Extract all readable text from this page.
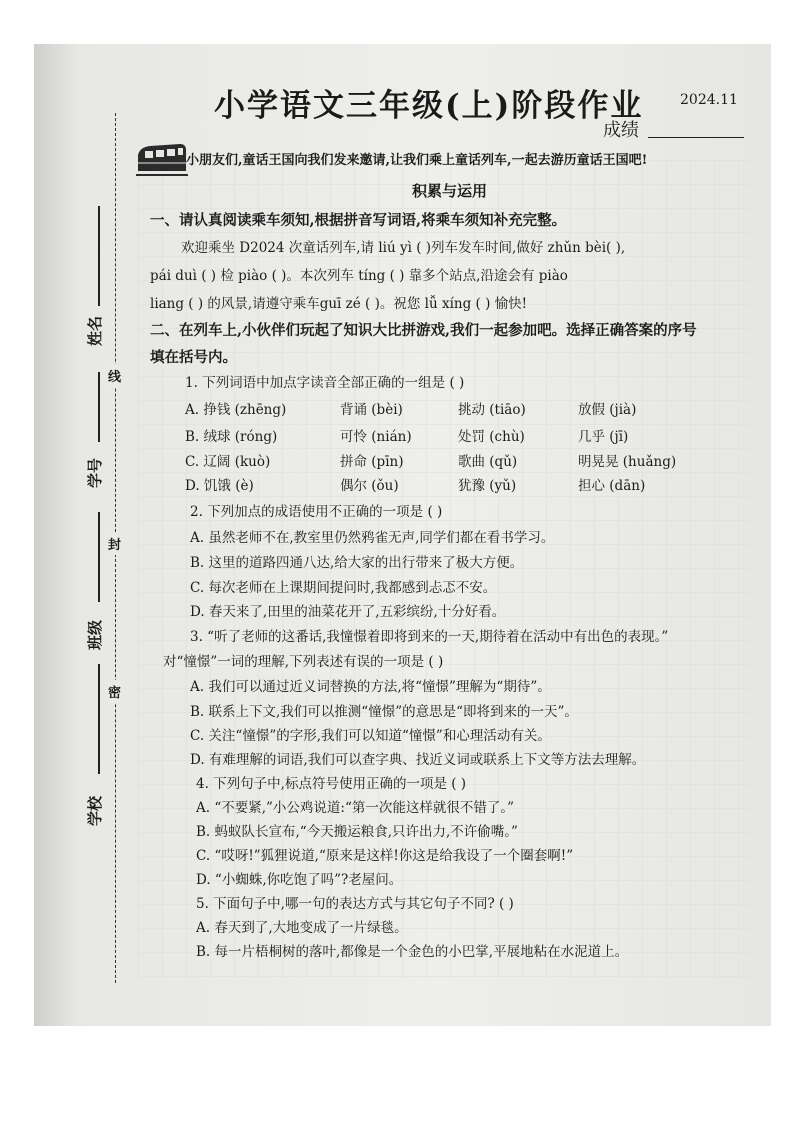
线
封
密
姓名
学号
班级
学校
小学语文三年级(上)阶段作业	2024.11
成绩
小朋友们,童话王国向我们发来邀请,让我们乘上童话列车,一起去游历童话王国吧!
积累与运用
一、请认真阅读乘车须知,根据拼音写词语,将乘车须知补充完整。
欢迎乘坐 D2024 次童话列车,请 liú yì ( )列车发车时间,做好 zhǔn bèi( ),
pái duì ( ) 检 piào ( )。本次列车 tíng ( ) 靠多个站点,沿途会有 piào
liang ( ) 的风景,请遵守乘车guī zé ( )。祝您 lǚ xíng ( ) 愉快!
二、在列车上,小伙伴们玩起了知识大比拼游戏,我们一起参加吧。选择正确答案的序号
填在括号内。
1. 下列词语中加点字读音全部正确的一组是 ( )
A. 挣钱 (zhēng)	背诵 (bèi)	挑动 (tiāo)	放假 (jià)
B. 绒球 (róng)	可怜 (nián)	处罚 (chù)	几乎 (jī)
C. 辽阔 (kuò)	拼命 (pīn)	歌曲 (qǔ)	明晃晃 (huǎng)
D. 饥饿 (è)	偶尔 (ǒu)	犹豫 (yǔ)	担心 (dān)
2. 下列加点的成语使用不正确的一项是 ( )
A. 虽然老师不在,教室里仍然鸦雀无声,同学们都在看书学习。
B. 这里的道路四通八达,给大家的出行带来了极大方便。
C. 每次老师在上课期间提问时,我都感到忐忑不安。
D. 春天来了,田里的油菜花开了,五彩缤纷,十分好看。
3. “听了老师的这番话,我憧憬着即将到来的一天,期待着在活动中有出色的表现。”
对“憧憬”一词的理解,下列表述有误的一项是 ( )
A. 我们可以通过近义词替换的方法,将“憧憬”理解为“期待”。
B. 联系上下文,我们可以推测“憧憬”的意思是“即将到来的一天”。
C. 关注“憧憬”的字形,我们可以知道“憧憬”和心理活动有关。
D. 有难理解的词语,我们可以查字典、找近义词或联系上下文等方法去理解。
4. 下列句子中,标点符号使用正确的一项是 ( )
A. “不要紧,”小公鸡说道:“第一次能这样就很不错了。”
B. 蚂蚁队长宣布,“今天搬运粮食,只许出力,不许偷嘴。”
C. “哎呀!”狐狸说道,“原来是这样!你这是给我设了一个圈套啊!”
D. “小蜘蛛,你吃饱了吗”?老屋问。
5. 下面句子中,哪一句的表达方式与其它句子不同? ( )
A. 春天到了,大地变成了一片绿毯。
B. 每一片梧桐树的落叶,都像是一个金色的小巴掌,平展地粘在水泥道上。
